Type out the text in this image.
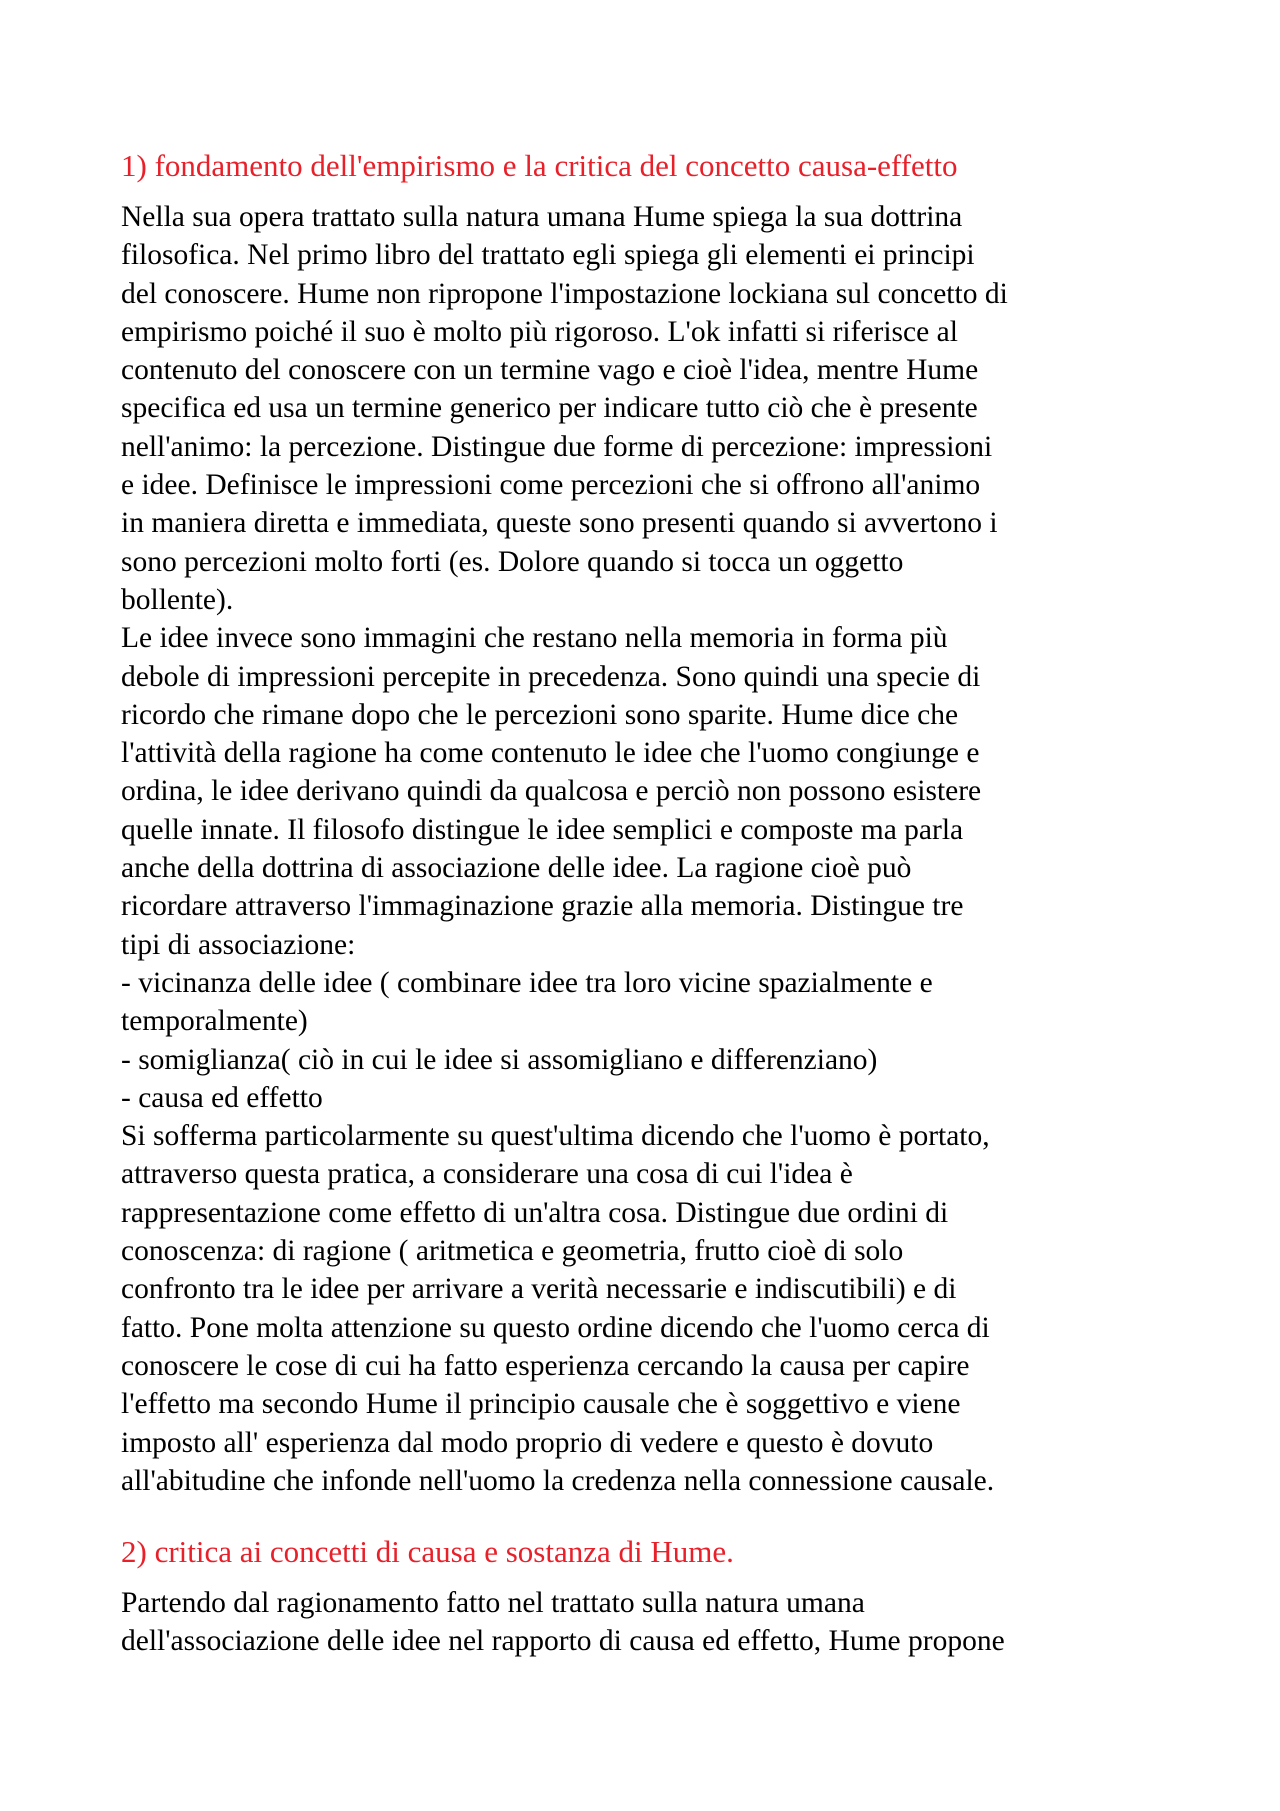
1) fondamento dell'empirismo e la critica del concetto causa-effetto

Nella sua opera trattato sulla natura umana Hume spiega la sua dottrina
filosofica. Nel primo libro del trattato egli spiega gli elementi ei principi
del conoscere. Hume non ripropone l'impostazione lockiana sul concetto di
empirismo poiché il suo è molto più rigoroso. L'ok infatti si riferisce al
contenuto del conoscere con un termine vago e cioè l'idea, mentre Hume
specifica ed usa un termine generico per indicare tutto ciò che è presente
nell'animo: la percezione. Distingue due forme di percezione: impressioni
e idee. Definisce le impressioni come percezioni che si offrono all'animo
in maniera diretta e immediata, queste sono presenti quando si avvertono i
sono percezioni molto forti (es. Dolore quando si tocca un oggetto
bollente).
Le idee invece sono immagini che restano nella memoria in forma più
debole di impressioni percepite in precedenza. Sono quindi una specie di
ricordo che rimane dopo che le percezioni sono sparite. Hume dice che
l'attività della ragione ha come contenuto le idee che l'uomo congiunge e
ordina, le idee derivano quindi da qualcosa e perciò non possono esistere
quelle innate. Il filosofo distingue le idee semplici e composte ma parla
anche della dottrina di associazione delle idee. La ragione cioè può
ricordare attraverso l'immaginazione grazie alla memoria. Distingue tre
tipi di associazione:
- vicinanza delle idee ( combinare idee tra loro vicine spazialmente e
temporalmente)
- somiglianza( ciò in cui le idee si assomigliano e differenziano)
- causa ed effetto
Si sofferma particolarmente su quest'ultima dicendo che l'uomo è portato,
attraverso questa pratica, a considerare una cosa di cui l'idea è
rappresentazione come effetto di un'altra cosa. Distingue due ordini di
conoscenza: di ragione ( aritmetica e geometria, frutto cioè di solo
confronto tra le idee per arrivare a verità necessarie e indiscutibili) e di
fatto. Pone molta attenzione su questo ordine dicendo che l'uomo cerca di
conoscere le cose di cui ha fatto esperienza cercando la causa per capire
l'effetto ma secondo Hume il principio causale che è soggettivo e viene
imposto all' esperienza dal modo proprio di vedere e questo è dovuto
all'abitudine che infonde nell'uomo la credenza nella connessione causale.

2) critica ai concetti di causa e sostanza di Hume.

Partendo dal ragionamento fatto nel trattato sulla natura umana
dell'associazione delle idee nel rapporto di causa ed effetto, Hume propone
